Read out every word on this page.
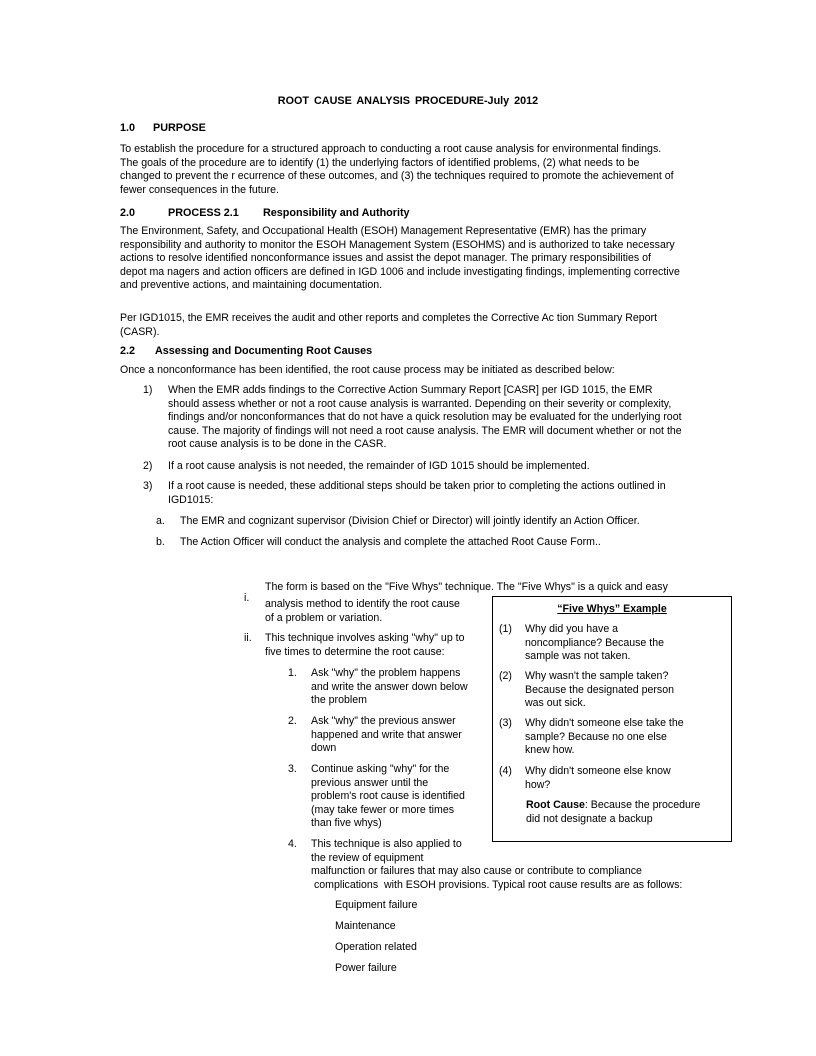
ROOT CAUSE ANALYSIS PROCEDURE-July 2012
1.0 PURPOSE
To establish the procedure for a structured approach to conducting a root cause analysis for environmental findings.
The goals of the procedure are to identify (1) the underlying factors of identified problems, (2) what needs to be
changed to prevent the r ecurrence of these outcomes, and (3) the techniques required to promote the achievement of
fewer consequences in the future.
2.0	PROCESS 2.1 Responsibility and Authority
The Environment, Safety, and Occupational Health (ESOH) Management Representative (EMR) has the primary
responsibility and authority to monitor the ESOH Management System (ESOHMS) and is authorized to take necessary
actions to resolve identified nonconformance issues and assist the depot manager. The primary responsibilities of
depot ma nagers and action officers are defined in IGD 1006 and include investigating findings, implementing corrective
and preventive actions, and maintaining documentation.
Per IGD1015, the EMR receives the audit and other reports and completes the Corrective Ac tion Summary Report
(CASR).
2.2 Assessing and Documenting Root Causes
Once a nonconformance has been identified, the root cause process may be initiated as described below:
1)	When the EMR adds findings to the Corrective Action Summary Report [CASR] per IGD 1015, the EMR
should assess whether or not a root cause analysis is warranted. Depending on their severity or complexity,
findings and/or nonconformances that do not have a quick resolution may be evaluated for the underlying root
cause. The majority of findings will not need a root cause analysis. The EMR will document whether or not the
root cause analysis is to be done in the CASR.
2)	If a root cause analysis is not needed, the remainder of IGD 1015 should be implemented.
3)	If a root cause is needed, these additional steps should be taken prior to completing the actions outlined in
IGD1015:
a. The EMR and cognizant supervisor (Division Chief or Director) will jointly identify an Action Officer.
b. The Action Officer will conduct the analysis and complete the attached Root Cause Form..
The form is based on the "Five Whys" technique. The "Five Whys" is a quick and easy
i. analysis method to identify the root cause
of a problem or variation.
ii. This technique involves asking "why" up to
five times to determine the root cause:
1. Ask "why" the problem happens
and write the answer down below
the problem
2. Ask "why" the previous answer
happened and write that answer
down
3. Continue asking "why" for the
previous answer until the
problem's root cause is identified
(may take fewer or more times
than five whys)
4. This technique is also applied to
the review of equipment
malfunction or failures that may also cause or contribute to compliance
complications  with ESOH provisions. Typical root cause results are as follows:
Equipment failure
Maintenance
Operation related
Power failure
“Five Whys” Example
(1) Why did you have a
noncompliance? Because the
sample was not taken.
(2) Why wasn't the sample taken?
Because the designated person
was out sick.
(3) Why didn't someone else take the
sample? Because no one else
knew how.
(4) Why didn't someone else know
how?
Root Cause: Because the procedure
did not designate a backup
